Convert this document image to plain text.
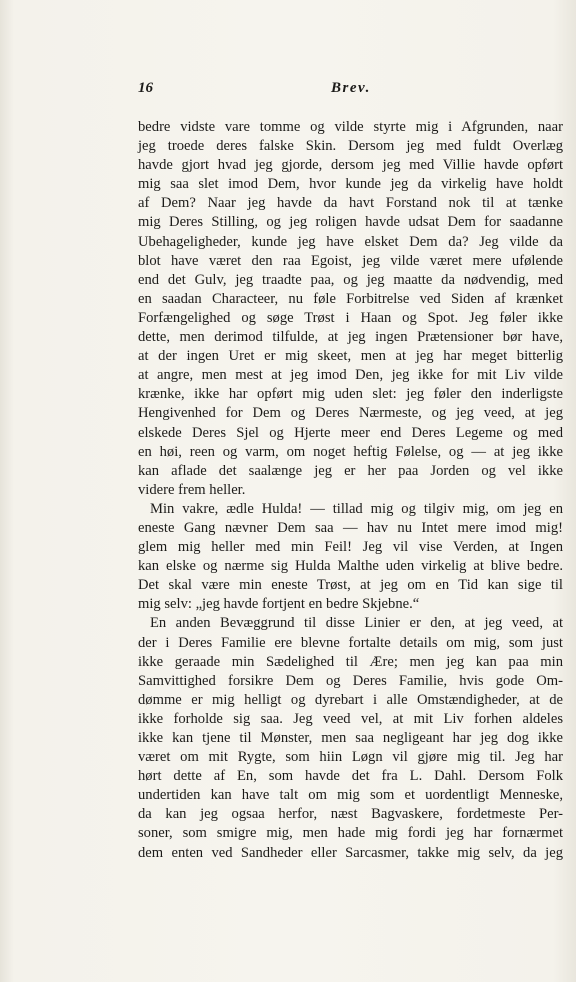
16	Brev.
bedre vidste vare tomme og vilde styrte mig i Afgrunden, naar
jeg troede deres falske Skin. Dersom jeg med fuldt Overlæg
havde gjort hvad jeg gjorde, dersom jeg med Villie havde opført
mig saa slet imod Dem, hvor kunde jeg da virkelig have holdt
af Dem? Naar jeg havde da havt Forstand nok til at tænke
mig Deres Stilling, og jeg roligen havde udsat Dem for saadanne
Ubehageligheder, kunde jeg have elsket Dem da? Jeg vilde da
blot have været den raa Egoist, jeg vilde været mere ufølende
end det Gulv, jeg traadte paa, og jeg maatte da nødvendig, med
en saadan Characteer, nu føle Forbitrelse ved Siden af krænket
Forfængelighed og søge Trøst i Haan og Spot. Jeg føler ikke
dette, men derimod tilfulde, at jeg ingen Prætensioner bør have,
at der ingen Uret er mig skeet, men at jeg har meget bitterlig
at angre, men mest at jeg imod Den, jeg ikke for mit Liv vilde
krænke, ikke har opført mig uden slet: jeg føler den inderligste
Hengivenhed for Dem og Deres Nærmeste, og jeg veed, at jeg
elskede Deres Sjel og Hjerte meer end Deres Legeme og med
en høi, reen og varm, om noget heftig Følelse, og — at jeg ikke
kan aflade det saalænge jeg er her paa Jorden og vel ikke
videre frem heller.
Min vakre, ædle Hulda! — tillad mig og tilgiv mig, om jeg en
eneste Gang nævner Dem saa — hav nu Intet mere imod mig!
glem mig heller med min Feil! Jeg vil vise Verden, at Ingen
kan elske og nærme sig Hulda Malthe uden virkelig at blive bedre.
Det skal være min eneste Trøst, at jeg om en Tid kan sige til
mig selv: „jeg havde fortjent en bedre Skjebne.“
En anden Bevæggrund til disse Linier er den, at jeg veed, at
der i Deres Familie ere blevne fortalte details om mig, som just
ikke geraade min Sædelighed til Ære; men jeg kan paa min
Samvittighed forsikre Dem og Deres Familie, hvis gode Om-
dømme er mig helligt og dyrebart i alle Omstændigheder, at de
ikke forholde sig saa. Jeg veed vel, at mit Liv forhen aldeles
ikke kan tjene til Mønster, men saa negligeant har jeg dog ikke
været om mit Rygte, som hiin Løgn vil gjøre mig til. Jeg har
hørt dette af En, som havde det fra L. Dahl. Dersom Folk
undertiden kan have talt om mig som et uordentligt Menneske,
da kan jeg ogsaa herfor, næst Bagvaskere, fordetmeste Per-
soner, som smigre mig, men hade mig fordi jeg har fornærmet
dem enten ved Sandheder eller Sarcasmer, takke mig selv, da jeg
